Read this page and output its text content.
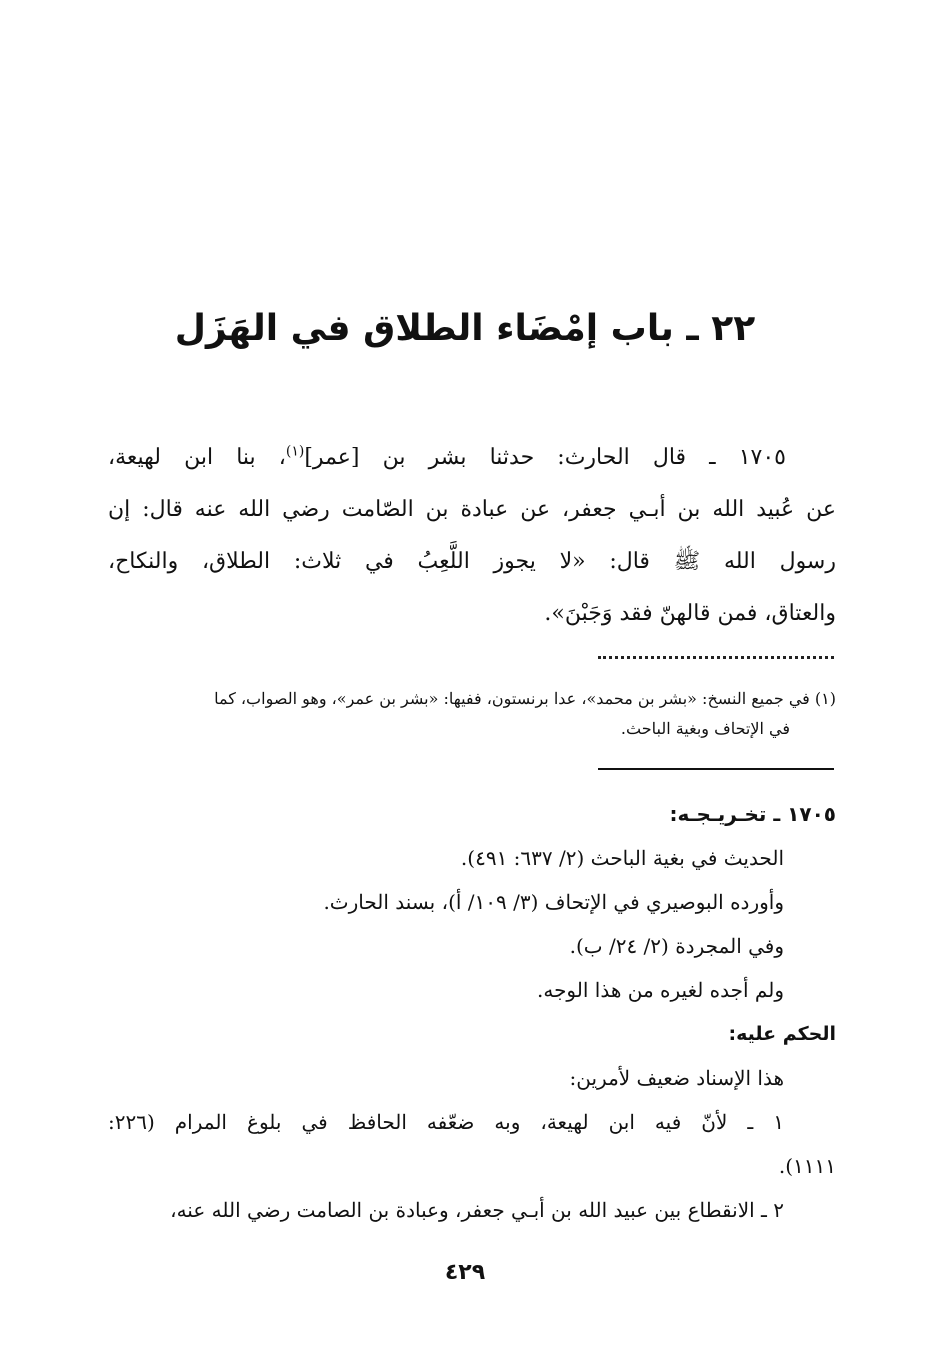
٢٢ ـ باب إمْضَاء الطلاق في الهَزَل
١٧٠٥ ـ قال الحارث: حدثنا بشر بن [عمر]$^{(١)}$، بنا ابن لهيعة،
عن عُبيد الله بن أبـي جعفر، عن عبادة بن الصّامت رضي الله عنه قال: إن
رسول الله ﷺ قال: «لا يجوز اللَّعِبُ في ثلاث: الطلاق، والنكاح،
والعتاق، فمن قالهنّ فقد وَجَبْنَ».
(١) في جميع النسخ: «بشر بن محمد»، عدا برنستون، ففيها: «بشر بن عمر»، وهو الصواب، كما
في الإتحاف وبغية الباحث.
١٧٠٥ ـ تخـريـجـه:
الحديث في بغية الباحث (٢/ ٦٣٧: ٤٩١).
وأورده البوصيري في الإتحاف (٣/ ١٠٩/ أ)، بسند الحارث.
وفي المجردة (٢/ ٢٤/ ب).
ولم أجده لغيره من هذا الوجه.
الحكم عليه:
هذا الإسناد ضعيف لأمرين:
١ ـ لأنّ فيه ابن لهيعة، وبه ضعّفه الحافظ في بلوغ المرام (٢٢٦:
١١١١).
٢ ـ الانقطاع بين عبيد الله بن أبـي جعفر، وعبادة بن الصامت رضي الله عنه،
٤٢٩
